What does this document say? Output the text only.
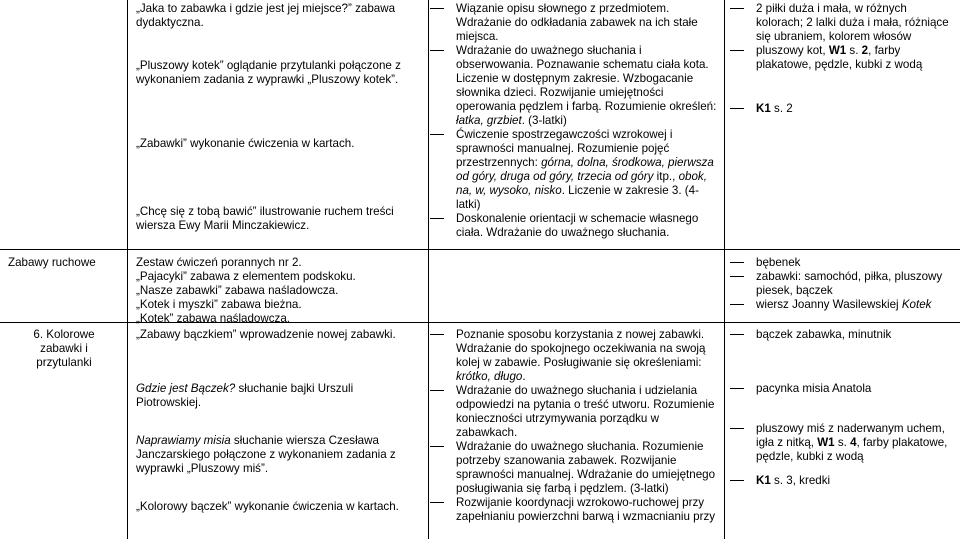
„Jaka to zabawka i gdzie jest jej miejsce?” zabawa dydaktyczna.

„Pluszowy kotek” oglądanie przytulanki połączone z wykonaniem zadania z wyprawki „Pluszowy kotek”.

„Zabawki” wykonanie ćwiczenia w kartach.

„Chcę się z tobą bawić” ilustrowanie ruchem treści wiersza Ewy Marii Minczakiewicz.

Wiązanie opisu słownego z przedmiotem. Wdrażanie do odkładania zabawek na ich stałe miejsca.
Wdrażanie do uważnego słuchania i obserwowania. Poznawanie schematu ciała kota. Liczenie w dostępnym zakresie. Wzbogacanie słownika dzieci. Rozwijanie umiejętności operowania pędzlem i farbą. Rozumienie określeń: łatka, grzbiet. (3-latki)
Ćwiczenie spostrzegawczości wzrokowej i sprawności manualnej. Rozumienie pojęć przestrzennych: górna, dolna, środkowa, pierwsza od góry, druga od góry, trzecia od góry itp., obok, na, w, wysoko, nisko. Liczenie w zakresie 3. (4-latki)
Doskonalenie orientacji w schemacie własnego ciała. Wdrażanie do uważnego słuchania.
2 piłki duża i mała, w różnych kolorach; 2 lalki duża i mała, różniące się ubraniem, kolorem włosów
pluszowy kot, W1 s. 2, farby plakatowe, pędzle, kubki z wodą
K1 s. 2

Zabawy ruchowe	Zestaw ćwiczeń porannych nr 2.

„Pajacyki” zabawa z elementem podskoku.

„Nasze zabawki” zabawa naśladowcza.

„Kotek i myszki” zabawa bieżna.

„Kotek” zabawa naśladowcza.

bębenek
zabawki: samochód, piłka, pluszowy piesek, bączek
wiersz Joanny Wasilewskiej Kotek

6. Kolorowe zabawki i przytulanki

„Zabawy bączkiem” wprowadzenie nowej zabawki.

Gdzie jest Bączek? słuchanie bajki Urszuli Piotrowskiej.

Naprawiamy misia słuchanie wiersza Czesława Janczarskiego połączone z wykonaniem zadania z wyprawki „Pluszowy miś”.

„Kolorowy bączek” wykonanie ćwiczenia w kartach.

Poznanie sposobu korzystania z nowej zabawki. Wdrażanie do spokojnego oczekiwania na swoją kolej w zabawie. Posługiwanie się określeniami: krótko, długo.
Wdrażanie do uważnego słuchania i udzielania odpowiedzi na pytania o treść utworu. Rozumienie konieczności utrzymywania porządku w zabawkach.
Wdrażanie do uważnego słuchania. Rozumienie potrzeby szanowania zabawek. Rozwijanie sprawności manualnej. Wdrażanie do umiejętnego posługiwania się farbą i pędzlem. (3-latki)
Rozwijanie koordynacji wzrokowo-ruchowej przy zapełnianiu powierzchni barwą i wzmacnianiu przy
bączek zabawka, minutnik
pacynka misia Anatola
pluszowy miś z naderwanym uchem, igła z nitką, W1 s. 4, farby plakatowe, pędzle, kubki z wodą
K1 s. 3, kredki
